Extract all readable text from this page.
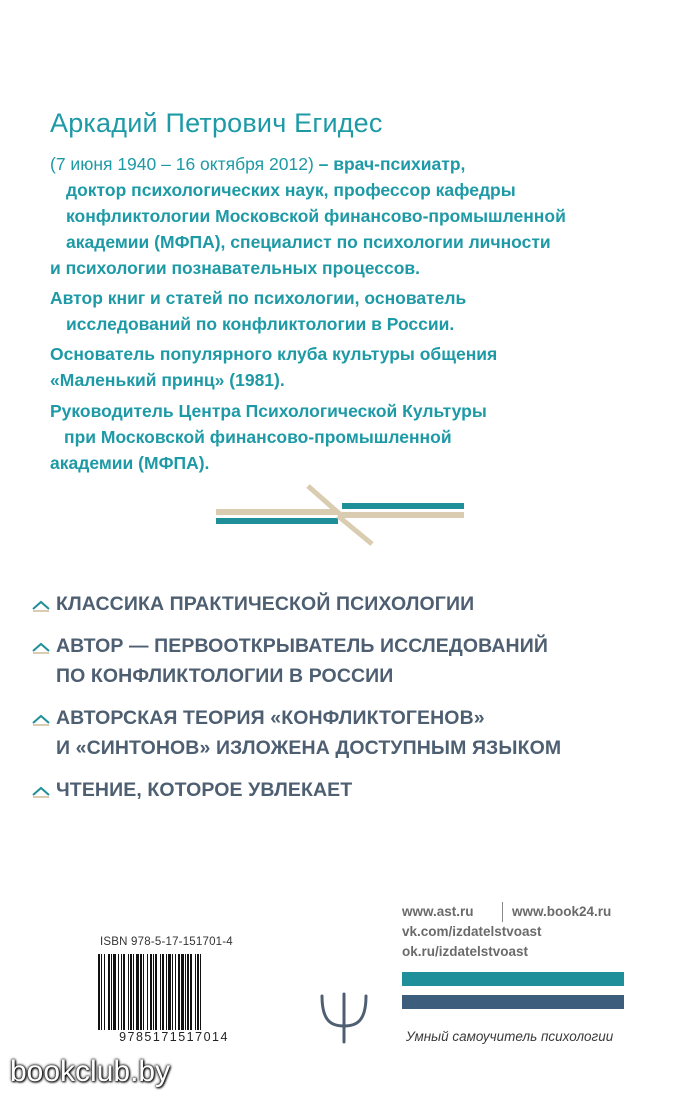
Аркадий Петрович Егидес
(7 июня 1940 – 16 октября 2012) – врач-психиатр,
доктор психологических наук, профессор кафедры
конфликтологии Московской финансово-промышленной
академии (МФПА), специалист по психологии личности
и психологии познавательных процессов.
Автор книг и статей по психологии, основатель
исследований по конфликтологии в России.
Основатель популярного клуба культуры общения
«Маленький принц» (1981).
Руководитель Центра Психологической Культуры
при Московской финансово-промышленной
академии (МФПА).
КЛАССИКА ПРАКТИЧЕСКОЙ ПСИХОЛОГИИ
АВТОР — ПЕРВООТКРЫВАТЕЛЬ ИССЛЕДОВАНИЙ
ПО КОНФЛИКТОЛОГИИ В РОССИИ
АВТОРСКАЯ ТЕОРИЯ «КОНФЛИКТОГЕНОВ»
И «СИНТОНОВ» ИЗЛОЖЕНА ДОСТУПНЫМ ЯЗЫКОМ
ЧТЕНИЕ, КОТОРОЕ УВЛЕКАЕТ
ISBN 978-5-17-151701-4
9785171517014
www.ast.ru	www.book24.ru
vk.com/izdatelstvoast
ok.ru/izdatelstvoast
Умный самоучитель психологии
bookclub.by
